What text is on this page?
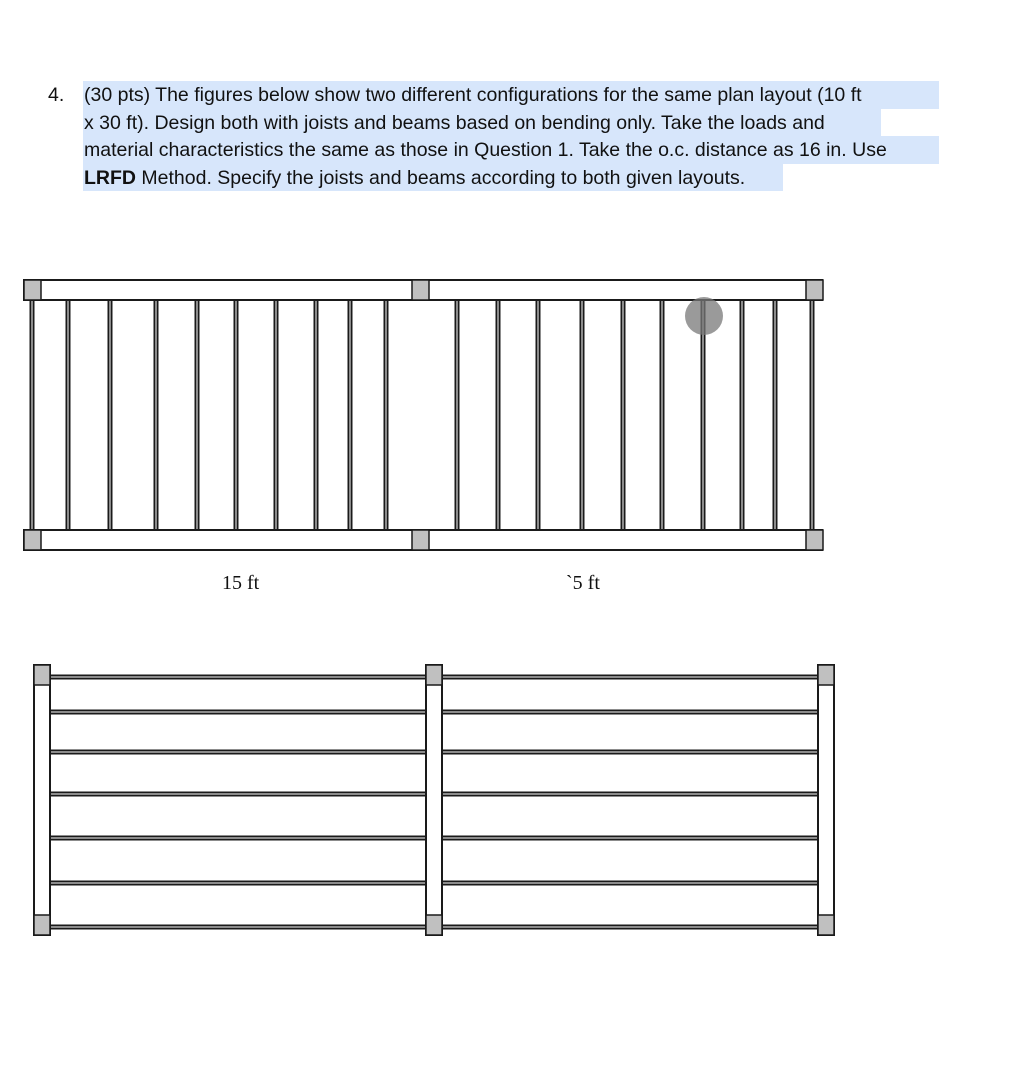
4. (30 pts) The figures below show two different configurations for the same plan layout (10 ft
x 30 ft). Design both with joists and beams based on bending only. Take the loads and
material characteristics the same as those in Question 1. Take the o.c. distance as 16 in. Use
LRFD Method. Specify the joists and beams according to both given layouts.
15 ft	`5 ft
